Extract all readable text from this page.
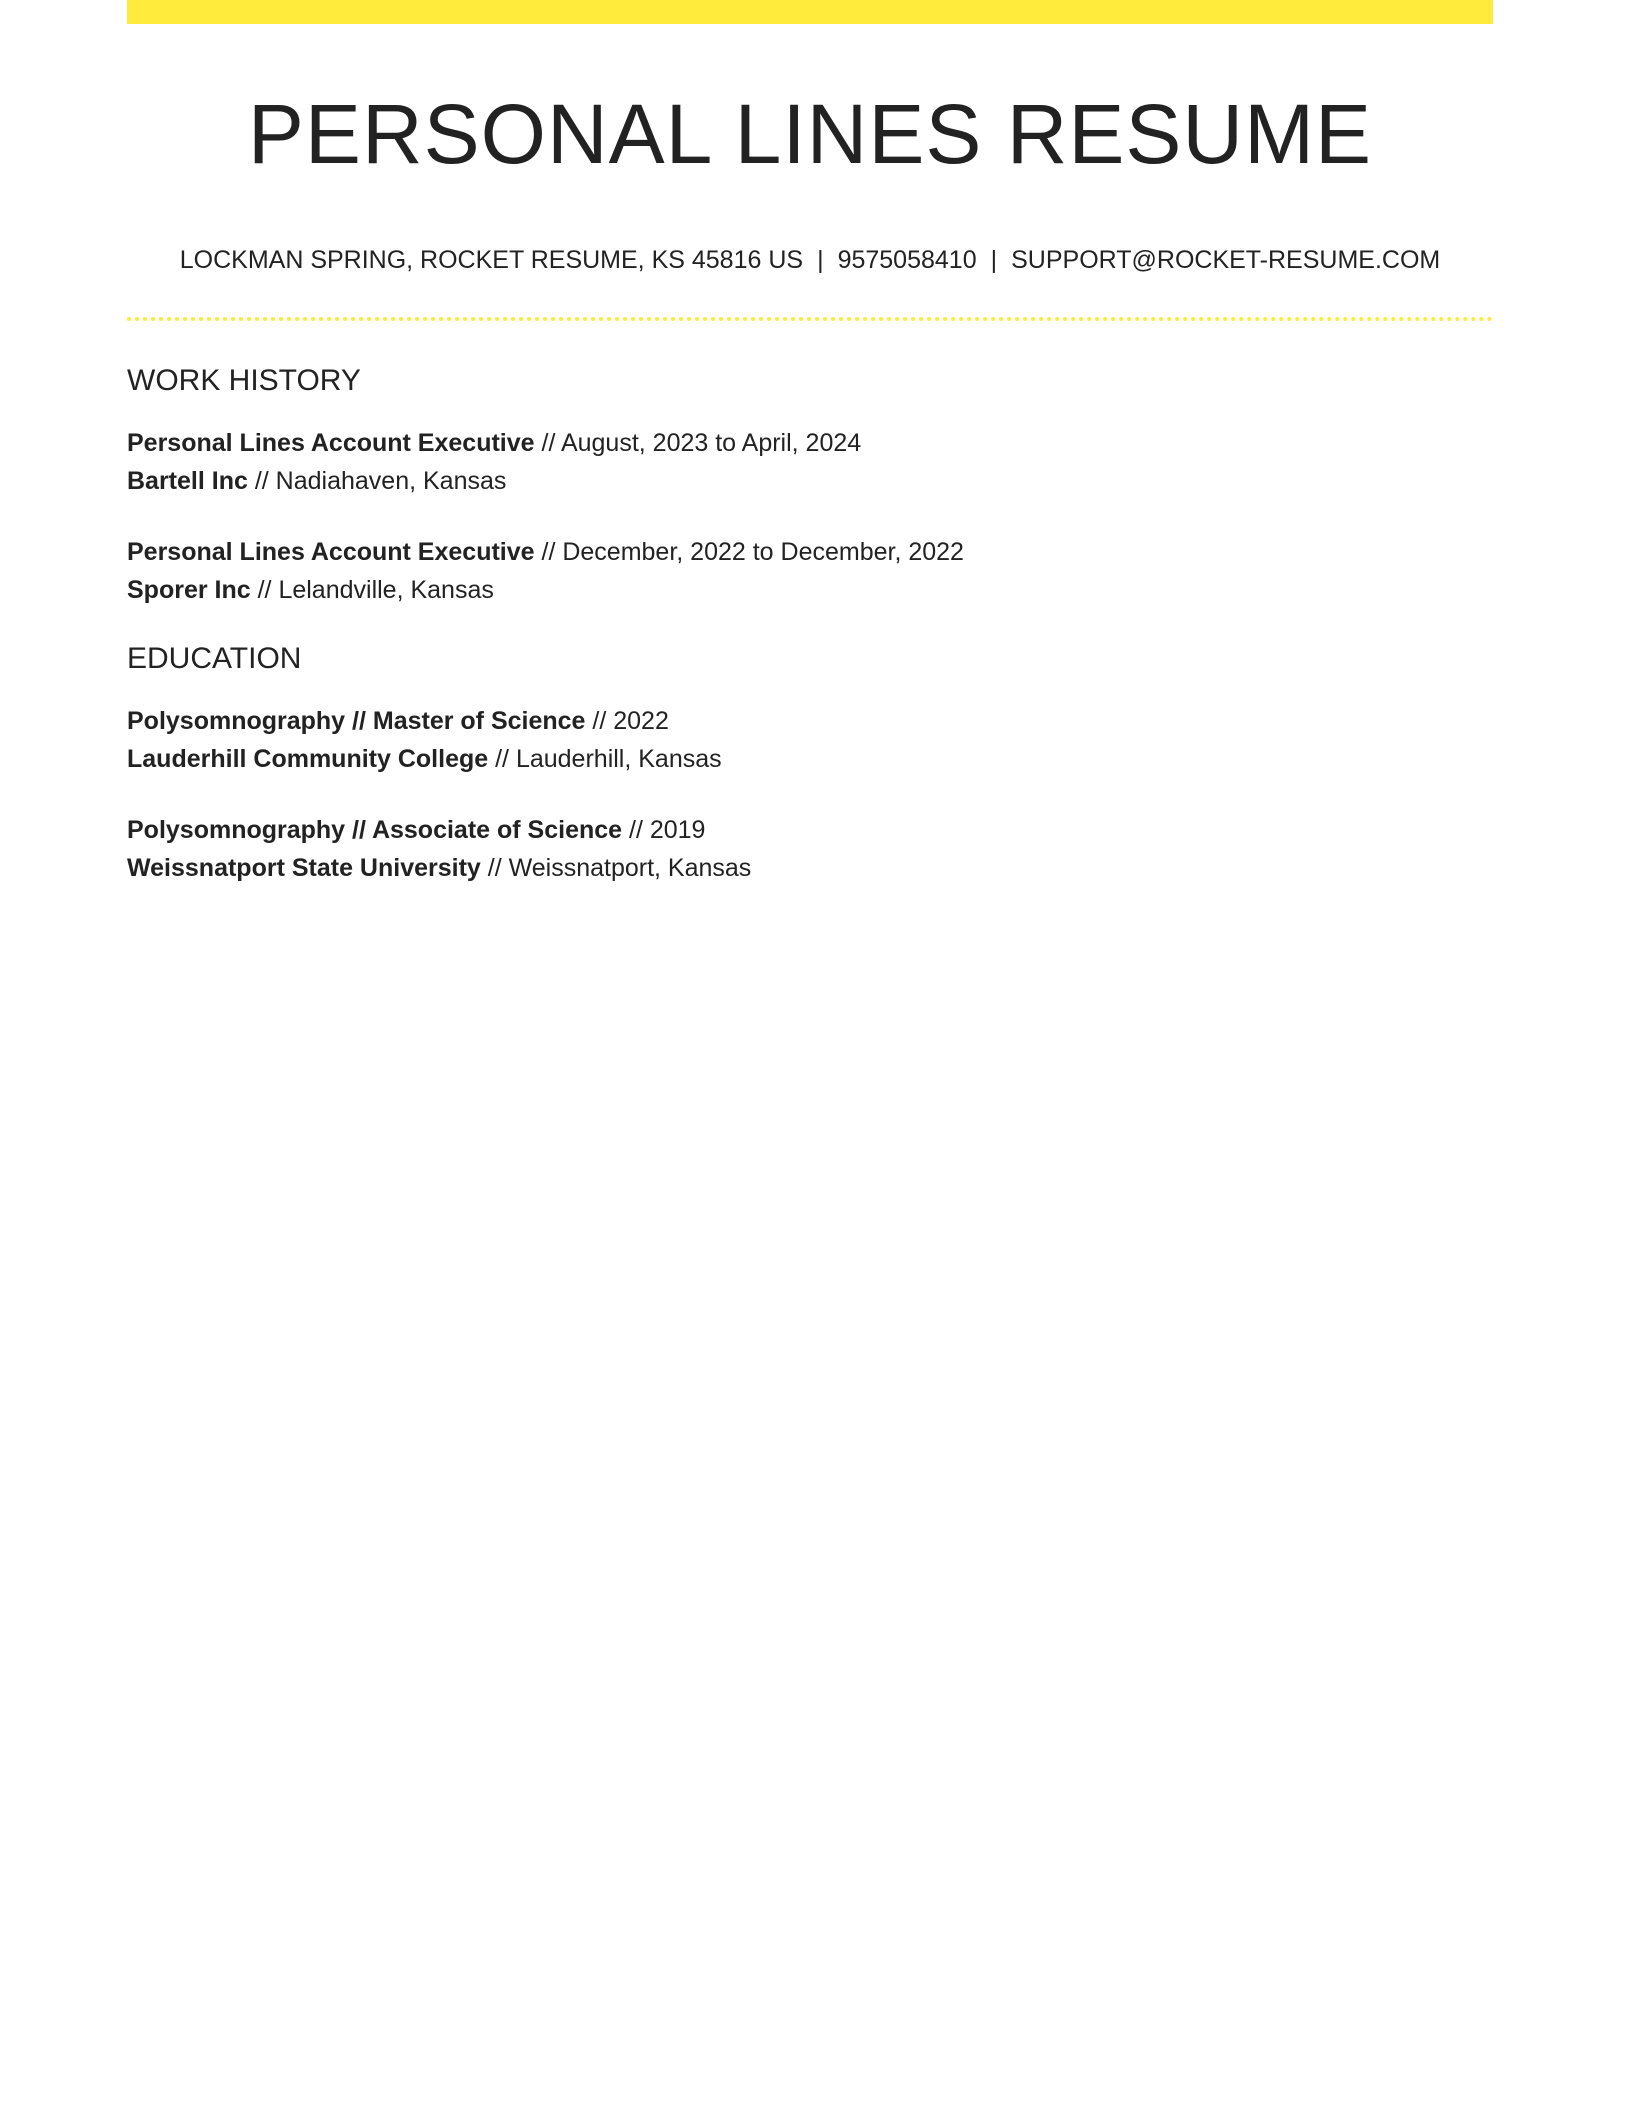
PERSONAL LINES RESUME
LOCKMAN SPRING, ROCKET RESUME, KS 45816 US | 9575058410 | SUPPORT@ROCKET-RESUME.COM
WORK HISTORY
Personal Lines Account Executive // August, 2023 to April, 2024
Bartell Inc // Nadiahaven, Kansas
Personal Lines Account Executive // December, 2022 to December, 2022
Sporer Inc // Lelandville, Kansas
EDUCATION
Polysomnography // Master of Science // 2022
Lauderhill Community College // Lauderhill, Kansas
Polysomnography // Associate of Science // 2019
Weissnatport State University // Weissnatport, Kansas
